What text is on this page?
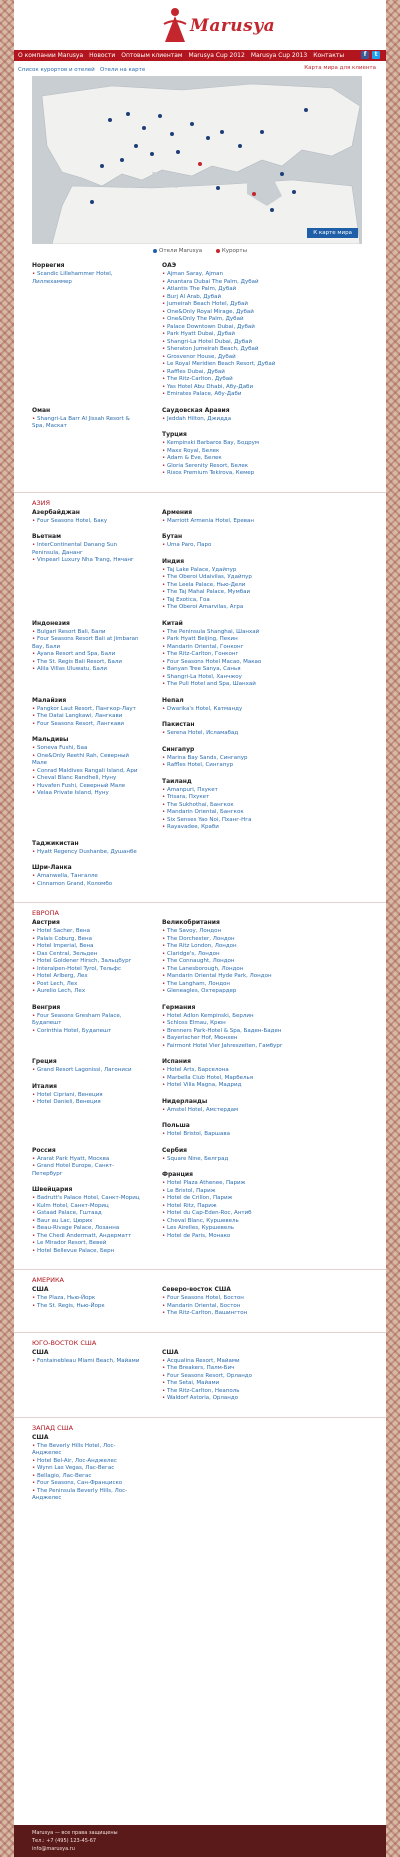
Marusya
О компании Marusya Новости Оптовым клиентам Marusya Cup 2012 Marusya Cup 2013 Контакты	f	t
Список курортов и отелей Отели на карте	Карта мира для клиента
К карте мира
Отели Marusya	Курорты
Норвегия
• Scandic Lillehammer Hotel, Лиллехаммер
ОАЭ
• Ajman Saray, Ajman
• Anantara Dubai The Palm, Дубай
• Atlantis The Palm, Дубай
• Burj Al Arab, Дубай
• Jumeirah Beach Hotel, Дубай
• One&Only Royal Mirage, Дубай
• One&Only The Palm, Дубай
• Palace Downtown Dubai, Дубай
• Park Hyatt Dubai, Дубай
• Shangri-La Hotel Dubai, Дубай
• Sheraton Jumeirah Beach, Дубай
• Grosvenor House, Дубай
• Le Royal Meridien Beach Resort, Дубай
• Raffles Dubai, Дубай
• The Ritz-Carlton, Дубай
• Yas Hotel Abu Dhabi, Абу-Даби
• Emirates Palace, Абу-Даби
Оман
• Shangri-La Barr Al Jissah Resort & Spa, Маскат
Саудовская Аравия
• Jeddah Hilton, Джидда
Турция
• Kempinski Barbaros Bay, Бодрум
• Maxx Royal, Белек
• Adam & Eve, Белек
• Gloria Serenity Resort, Белек
• Rixos Premium Tekirova, Кемер
АЗИЯ
Азербайджан
• Four Seasons Hotel, Баку
Вьетнам
• InterContinental Danang Sun Peninsula, Дананг
• Vinpearl Luxury Nha Trang, Нячанг
Армения
• Marriott Armenia Hotel, Ереван
Бутан
• Uma Paro, Паро
Индия
• Taj Lake Palace, Удайпур
• The Oberoi Udaivilas, Удайпур
• The Leela Palace, Нью-Дели
• The Taj Mahal Palace, Мумбаи
• Taj Exotica, Гоа
• The Oberoi Amarvilas, Агра
Индонезия
• Bulgari Resort Bali, Бали
• Four Seasons Resort Bali at Jimbaran Bay, Бали
• Ayana Resort and Spa, Бали
• The St. Regis Bali Resort, Бали
• Alila Villas Uluwatu, Бали
Китай
• The Peninsula Shanghai, Шанхай
• Park Hyatt Beijing, Пекин
• Mandarin Oriental, Гонконг
• The Ritz-Carlton, Гонконг
• Four Seasons Hotel Macao, Макао
• Banyan Tree Sanya, Санья
• Shangri-La Hotel, Ханчжоу
• The Puli Hotel and Spa, Шанхай
Малайзия
• Pangkor Laut Resort, Пангкор-Лаут
• The Datai Langkawi, Лангкави
• Four Seasons Resort, Лангкави
Мальдивы
• Soneva Fushi, Баа
• One&Only Reethi Rah, Северный Мале
• Conrad Maldives Rangali Island, Ари
• Cheval Blanc Randheli, Нуну
• Huvafen Fushi, Северный Мале
• Velaa Private Island, Нуну
Непал
• Dwarika's Hotel, Катманду
Пакистан
• Serena Hotel, Исламабад
Сингапур
• Marina Bay Sands, Сингапур
• Raffles Hotel, Сингапур
Таиланд
• Amanpuri, Пхукет
• Trisara, Пхукет
• The Sukhothai, Бангкок
• Mandarin Oriental, Бангкок
• Six Senses Yao Noi, Пханг-Нга
• Rayavadee, Краби
Таджикистан
• Hyatt Regency Dushanbe, Душанбе
Шри-Ланка
• Amanwella, Тангалле
• Cinnamon Grand, Коломбо
ЕВРОПА
Австрия
• Hotel Sacher, Вена
• Palais Coburg, Вена
• Hotel Imperial, Вена
• Das Central, Зельден
• Hotel Goldener Hirsch, Зальцбург
• Interalpen-Hotel Tyrol, Тельфс
• Hotel Arlberg, Лех
• Post Lech, Лех
• Aurelio Lech, Лех
Венгрия
• Four Seasons Gresham Palace, Будапешт
• Corinthia Hotel, Будапешт
Великобритания
• The Savoy, Лондон
• The Dorchester, Лондон
• The Ritz London, Лондон
• Claridge's, Лондон
• The Connaught, Лондон
• The Lanesborough, Лондон
• Mandarin Oriental Hyde Park, Лондон
• The Langham, Лондон
• Gleneagles, Охтерардер
Германия
• Hotel Adlon Kempinski, Берлин
• Schloss Elmau, Крюн
• Brenners Park-Hotel & Spa, Баден-Баден
• Bayerischer Hof, Мюнхен
• Fairmont Hotel Vier Jahreszeiten, Гамбург
Греция
• Grand Resort Lagonissi, Лагониси
Италия
• Hotel Cipriani, Венеция
• Hotel Danieli, Венеция
Испания
• Hotel Arts, Барселона
• Marbella Club Hotel, Марбелья
• Hotel Villa Magna, Мадрид
Нидерланды
• Amstel Hotel, Амстердам
Польша
• Hotel Bristol, Варшава
Россия
• Ararat Park Hyatt, Москва
• Grand Hotel Europe, Санкт-Петербург
Швейцария
• Badrutt's Palace Hotel, Санкт-Мориц
• Kulm Hotel, Санкт-Мориц
• Gstaad Palace, Гштаад
• Baur au Lac, Цюрих
• Beau-Rivage Palace, Лозанна
• The Chedi Andermatt, Андерматт
• Le Mirador Resort, Вевей
• Hotel Bellevue Palace, Берн
Сербия
• Square Nine, Белград
Франция
• Hotel Plaza Athenee, Париж
• Le Bristol, Париж
• Hotel de Crillon, Париж
• Hotel Ritz, Париж
• Hotel du Cap-Eden-Roc, Антиб
• Cheval Blanc, Куршевель
• Les Airelles, Куршевель
• Hotel de Paris, Монако
АМЕРИКА
США
• The Plaza, Нью-Йорк
• The St. Regis, Нью-Йорк
Северо-восток США
• Four Seasons Hotel, Бостон
• Mandarin Oriental, Бостон
• The Ritz-Carlton, Вашингтон
ЮГО-ВОСТОК США
США
• Fontainebleau Miami Beach, Майами
США
• Acqualina Resort, Майами
• The Breakers, Палм-Бич
• Four Seasons Resort, Орландо
• The Setai, Майами
• The Ritz-Carlton, Неаполь
• Waldorf Astoria, Орландо
ЗАПАД США
США
• The Beverly Hills Hotel, Лос-Анджелес
• Hotel Bel-Air, Лос-Анджелес
• Wynn Las Vegas, Лас-Вегас
• Bellagio, Лас-Вегас
• Four Seasons, Сан-Франциско
• The Peninsula Beverly Hills, Лос-Анджелес
Marusya — все права защищены
Тел.: +7 (495) 123-45-67
info@marusya.ru
